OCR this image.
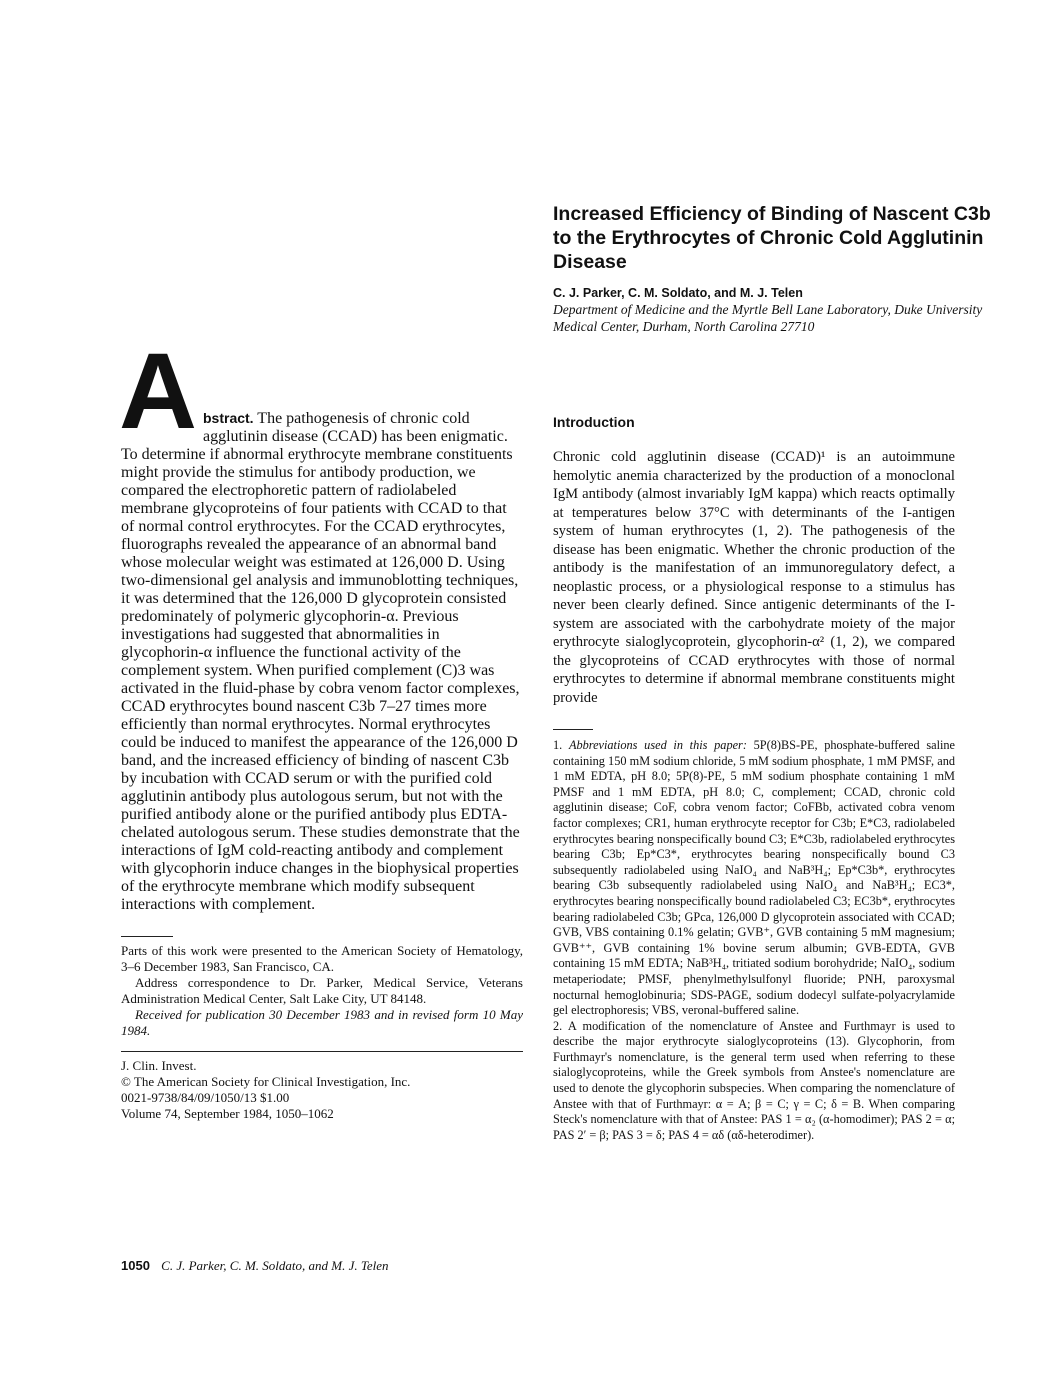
Increased Efficiency of Binding of Nascent C3b to the Erythrocytes of Chronic Cold Agglutinin Disease
C. J. Parker, C. M. Soldato, and M. J. Telen
Department of Medicine and the Myrtle Bell Lane Laboratory, Duke University Medical Center, Durham, North Carolina 27710

A bstract. The pathogenesis of chronic cold agglutinin disease (CCAD) has been enigmatic. To determine if abnormal erythrocyte membrane constituents might provide the stimulus for antibody production, we compared the electrophoretic pattern of radiolabeled membrane glycoproteins of four patients with CCAD to that of normal control erythrocytes. For the CCAD erythrocytes, fluorographs revealed the appearance of an abnormal band whose molecular weight was estimated at 126,000 D. Using two-dimensional gel analysis and immunoblotting techniques, it was determined that the 126,000 D glycoprotein consisted predominately of polymeric glycophorin-α. Previous investigations had suggested that abnormalities in glycophorin-α influence the functional activity of the complement system. When purified complement (C)3 was activated in the fluid-phase by cobra venom factor complexes, CCAD erythrocytes bound nascent C3b 7–27 times more efficiently than normal erythrocytes. Normal erythrocytes could be induced to manifest the appearance of the 126,000 D band, and the increased efficiency of binding of nascent C3b by incubation with CCAD serum or with the purified cold agglutinin antibody plus autologous serum, but not with the purified antibody alone or the purified antibody plus EDTA-chelated autologous serum. These studies demonstrate that the interactions of IgM cold-reacting antibody and complement with glycophorin induce changes in the biophysical properties of the erythrocyte membrane which modify subsequent interactions with complement.

Parts of this work were presented to the American Society of Hematology, 3–6 December 1983, San Francisco, CA.

Address correspondence to Dr. Parker, Medical Service, Veterans Administration Medical Center, Salt Lake City, UT 84148.

Received for publication 30 December 1983 and in revised form 10 May 1984.

J. Clin. Invest.

© The American Society for Clinical Investigation, Inc.

0021-9738/84/09/1050/13 $1.00

Volume 74, September 1984, 1050–1062

Introduction

Chronic cold agglutinin disease (CCAD)¹ is an autoimmune hemolytic anemia characterized by the production of a monoclonal IgM antibody (almost invariably IgM kappa) which reacts optimally at temperatures below 37°C with determinants of the I-antigen system of human erythrocytes (1, 2). The pathogenesis of the disease has been enigmatic. Whether the chronic production of the antibody is the manifestation of an immunoregulatory defect, a neoplastic process, or a physiological response to a stimulus has never been clearly defined. Since antigenic determinants of the I-system are associated with the carbohydrate moiety of the major erythrocyte sialoglycoprotein, glycophorin-α² (1, 2), we compared the glycoproteins of CCAD erythrocytes with those of normal erythrocytes to determine if abnormal membrane constituents might provide

1. Abbreviations used in this paper: 5P(8)BS-PE, phosphate-buffered saline containing 150 mM sodium chloride, 5 mM sodium phosphate, 1 mM PMSF, and 1 mM EDTA, pH 8.0; 5P(8)-PE, 5 mM sodium phosphate containing 1 mM PMSF and 1 mM EDTA, pH 8.0; C, complement; CCAD, chronic cold agglutinin disease; CoF, cobra venom factor; CoFBb, activated cobra venom factor complexes; CR1, human erythrocyte receptor for C3b; E*C3, radiolabeled erythrocytes bearing nonspecifically bound C3; E*C3b, radiolabeled erythrocytes bearing C3b; Ep*C3*, erythrocytes bearing nonspecifically bound C3 subsequently radiolabeled using NaIO₄ and NaB³H₄; Ep*C3b*, erythrocytes bearing C3b subsequently radiolabeled using NaIO₄ and NaB³H₄; EC3*, erythrocytes bearing nonspecifically bound radiolabeled C3; EC3b*, erythrocytes bearing radiolabeled C3b; GPca, 126,000 D glycoprotein associated with CCAD; GVB, VBS containing 0.1% gelatin; GVB⁺, GVB containing 5 mM magnesium; GVB⁺⁺, GVB containing 1% bovine serum albumin; GVB-EDTA, GVB containing 15 mM EDTA; NaB³H₄, tritiated sodium borohydride; NaIO₄, sodium metaperiodate; PMSF, phenylmethylsulfonyl fluoride; PNH, paroxysmal nocturnal hemoglobinuria; SDS-PAGE, sodium dodecyl sulfate-polyacrylamide gel electrophoresis; VBS, veronal-buffered saline.

2. A modification of the nomenclature of Anstee and Furthmayr is used to describe the major erythrocyte sialoglycoproteins (13). Glycophorin, from Furthmayr's nomenclature, is the general term used when referring to these sialoglycoproteins, while the Greek symbols from Anstee's nomenclature are used to denote the glycophorin subspecies. When comparing the nomenclature of Anstee with that of Furthmayr: α = A; β = C; γ = C; δ = B. When comparing Steck's nomenclature with that of Anstee: PAS 1 = α₂ (α-homodimer); PAS 2 = α; PAS 2′ = β; PAS 3 = δ; PAS 4 = αδ (αδ-heterodimer).

1050 C. J. Parker, C. M. Soldato, and M. J. Telen
